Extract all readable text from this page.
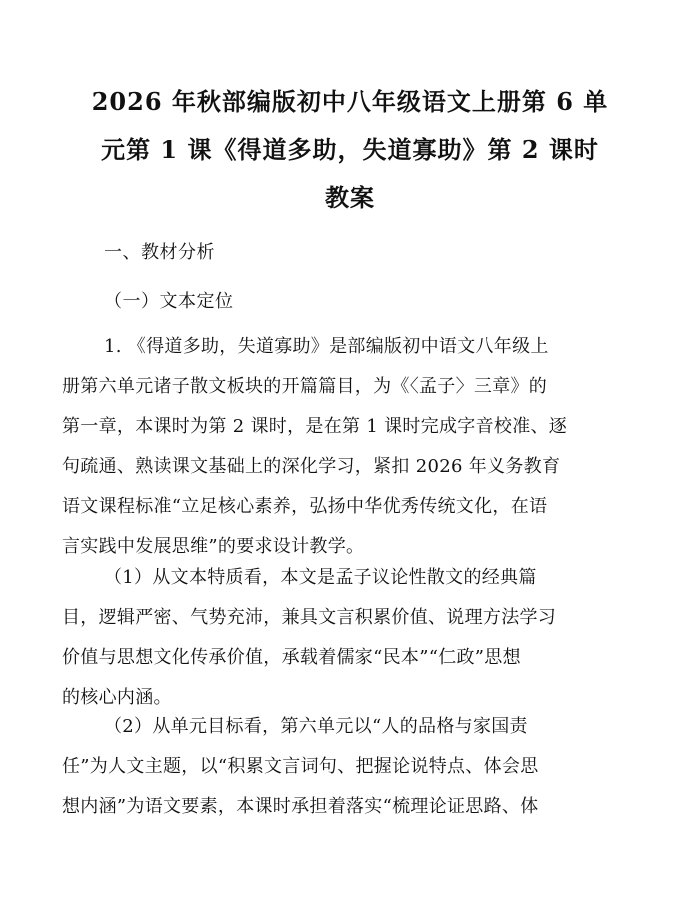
2026 年秋部编版初中八年级语文上册第 6 单
元第 1 课《得道多助，失道寡助》第 2 课时
教案
一、教材分析
（一）文本定位
1. 《得道多助，失道寡助》是部编版初中语文八年级上
册第六单元诸子散文板块的开篇篇目，为《〈孟子〉三章》的
第一章，本课时为第 2 课时，是在第 1 课时完成字音校准、逐
句疏通、熟读课文基础上的深化学习，紧扣 2026 年义务教育
语文课程标准“立足核心素养，弘扬中华优秀传统文化，在语
言实践中发展思维”的要求设计教学。
（1）从文本特质看，本文是孟子议论性散文的经典篇
目，逻辑严密、气势充沛，兼具文言积累价值、说理方法学习
价值与思想文化传承价值，承载着儒家“民本”“仁政”思想
的核心内涵。
（2）从单元目标看，第六单元以“人的品格与家国责
任”为人文主题，以“积累文言词句、把握论说特点、体会思
想内涵”为语文要素，本课时承担着落实“梳理论证思路、体
